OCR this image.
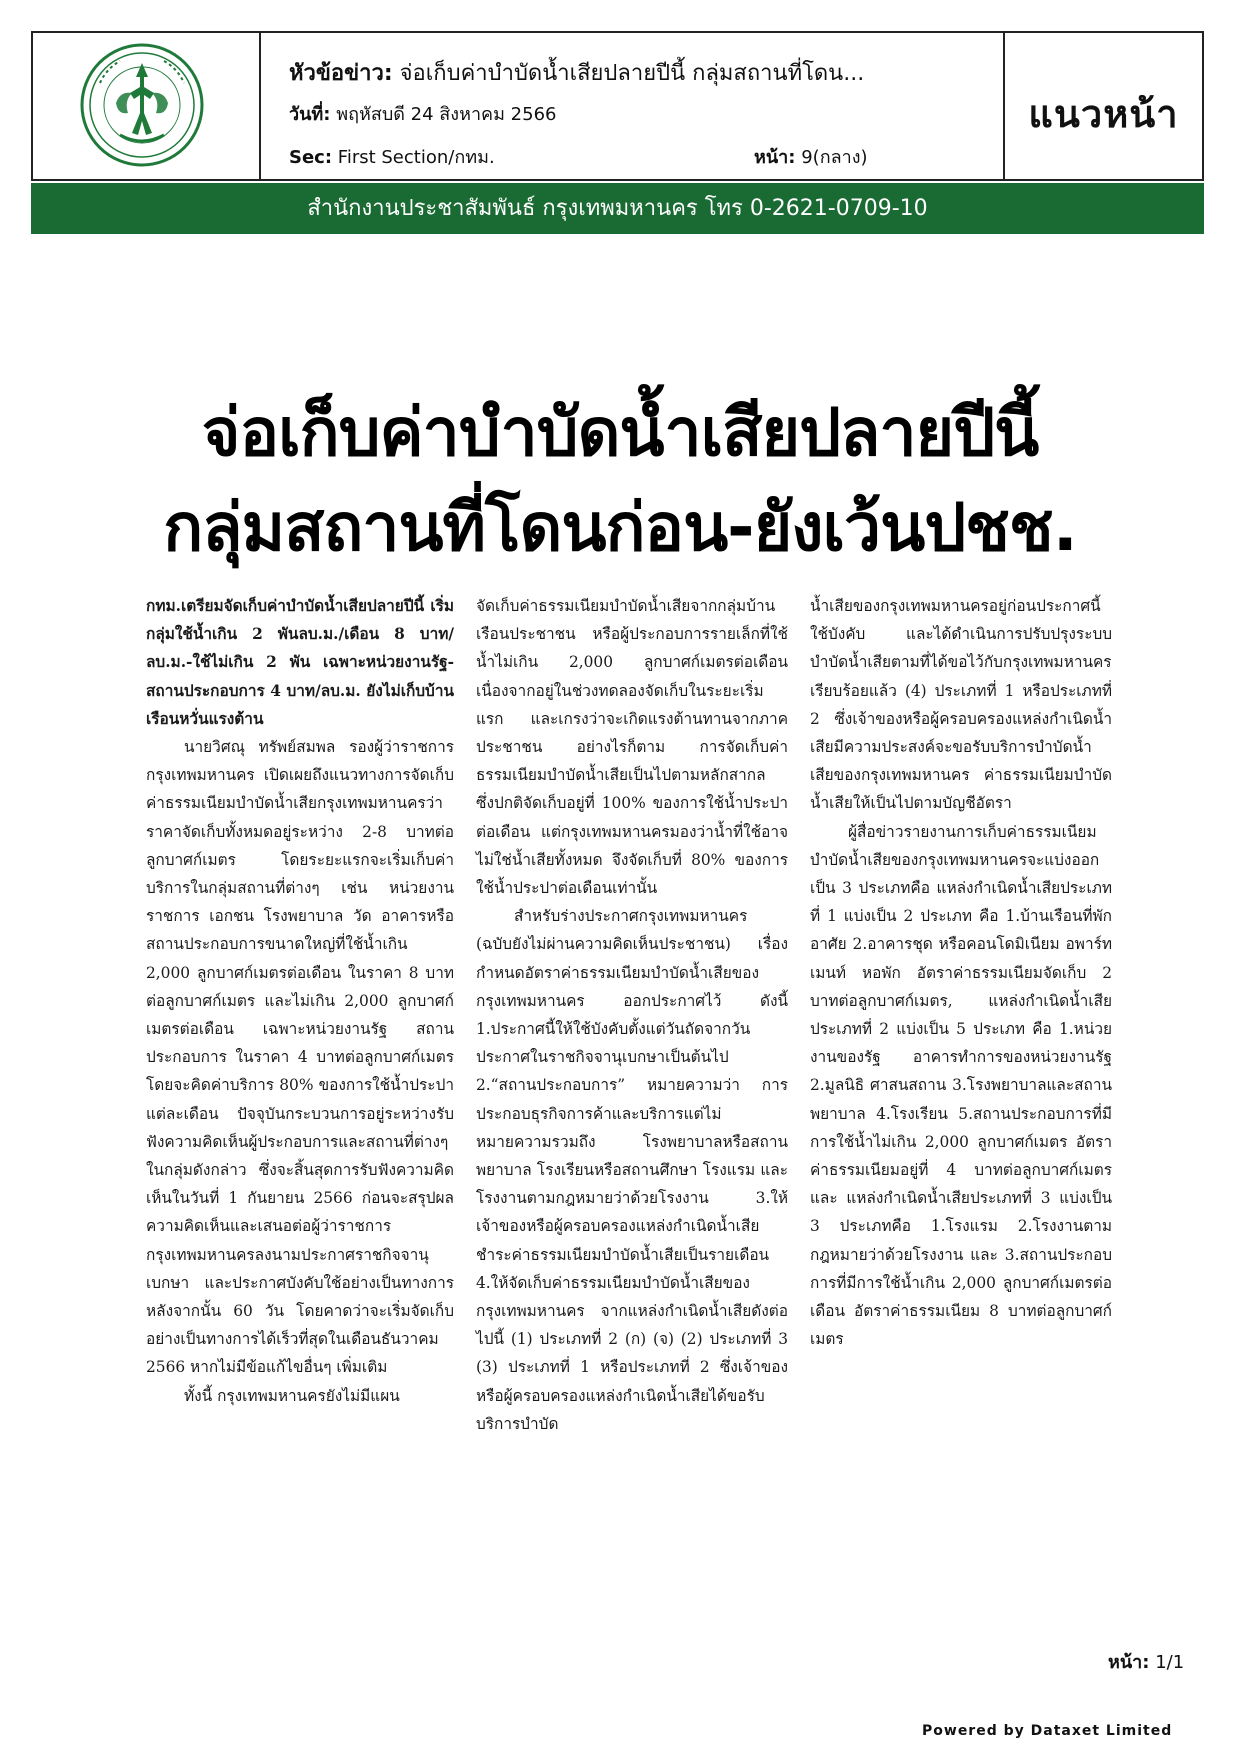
หัวข้อข่าว: จ่อเก็บค่าบำบัดน้ำเสียปลายปีนี้ กลุ่มสถานที่โดน...
วันที่: พฤหัสบดี 24 สิงหาคม 2566
Sec: First Section/กทม.	หน้า: 9(กลาง)
แนวหน้า
สำนักงานประชาสัมพันธ์ กรุงเทพมหานคร โทร 0-2621-0709-10
จ่อเก็บค่าบำบัดน้ำเสียปลายปีนี้
กลุ่มสถานที่โดนก่อน-ยังเว้นปชช.

กทม.เตรียมจัดเก็บค่าบำบัดน้ำเสียปลายปีนี้ เริ่มกลุ่มใช้น้ำเกิน 2 พันลบ.ม./เดือน 8 บาท/ลบ.ม.-ใช้ไม่เกิน 2 พัน เฉพาะหน่วยงานรัฐ-สถานประกอบการ 4 บาท/ลบ.ม. ยังไม่เก็บบ้านเรือนหวั่นแรงต้าน

นายวิศณุ ทรัพย์สมพล รองผู้ว่าราชการกรุงเทพมหานคร เปิดเผยถึงแนวทางการจัดเก็บค่าธรรมเนียมบำบัดน้ำเสียกรุงเทพมหานครว่า ราคาจัดเก็บทั้งหมดอยู่ระหว่าง 2-8 บาทต่อลูกบาศก์เมตร โดยระยะแรกจะเริ่มเก็บค่าบริการในกลุ่มสถานที่ต่างๆ เช่น หน่วยงานราชการ เอกชน โรงพยาบาล วัด อาคารหรือสถานประกอบการขนาดใหญ่ที่ใช้น้ำเกิน 2,000 ลูกบาศก์เมตรต่อเดือน ในราคา 8 บาทต่อลูกบาศก์เมตร และไม่เกิน 2,000 ลูกบาศก์เมตรต่อเดือน เฉพาะหน่วยงานรัฐ สถานประกอบการ ในราคา 4 บาทต่อลูกบาศก์เมตร โดยจะคิดค่าบริการ 80% ของการใช้น้ำประปาแต่ละเดือน ปัจจุบันกระบวนการอยู่ระหว่างรับฟังความคิดเห็นผู้ประกอบการและสถานที่ต่างๆ ในกลุ่มดังกล่าว ซึ่งจะสิ้นสุดการรับฟังความคิดเห็นในวันที่ 1 กันยายน 2566 ก่อนจะสรุปผลความคิดเห็นและเสนอต่อผู้ว่าราชการกรุงเทพมหานครลงนามประกาศราชกิจจานุเบกษา และประกาศบังคับใช้อย่างเป็นทางการหลังจากนั้น 60 วัน โดยคาดว่าจะเริ่มจัดเก็บอย่างเป็นทางการได้เร็วที่สุดในเดือนธันวาคม 2566 หากไม่มีข้อแก้ไขอื่นๆ เพิ่มเติม

ทั้งนี้ กรุงเทพมหานครยังไม่มีแผน

จัดเก็บค่าธรรมเนียมบำบัดน้ำเสียจากกลุ่มบ้านเรือนประชาชน หรือผู้ประกอบการรายเล็กที่ใช้น้ำไม่เกิน 2,000 ลูกบาศก์เมตรต่อเดือน เนื่องจากอยู่ในช่วงทดลองจัดเก็บในระยะเริ่มแรก และเกรงว่าจะเกิดแรงต้านทานจากภาคประชาชน อย่างไรก็ตาม การจัดเก็บค่าธรรมเนียมบำบัดน้ำเสียเป็นไปตามหลักสากล ซึ่งปกติจัดเก็บอยู่ที่ 100% ของการใช้น้ำประปาต่อเดือน แต่กรุงเทพมหานครมองว่าน้ำที่ใช้อาจไม่ใช่น้ำเสียทั้งหมด จึงจัดเก็บที่ 80% ของการใช้น้ำประปาต่อเดือนเท่านั้น

สำหรับร่างประกาศกรุงเทพมหานคร (ฉบับยังไม่ผ่านความคิดเห็นประชาชน) เรื่อง กำหนดอัตราค่าธรรมเนียมบำบัดน้ำเสียของกรุงเทพมหานคร ออกประกาศไว้ ดังนี้ 1.ประกาศนี้ให้ใช้บังคับตั้งแต่วันถัดจากวันประกาศในราชกิจจานุเบกษาเป็นต้นไป 2.“สถานประกอบการ” หมายความว่า การประกอบธุรกิจการค้าและบริการแต่ไม่หมายความรวมถึง โรงพยาบาลหรือสถานพยาบาล โรงเรียนหรือสถานศึกษา โรงแรม และโรงงานตามกฎหมายว่าด้วยโรงงาน 3.ให้เจ้าของหรือผู้ครอบครองแหล่งกำเนิดน้ำเสียชำระค่าธรรมเนียมบำบัดน้ำเสียเป็นรายเดือน 4.ให้จัดเก็บค่าธรรมเนียมบำบัดน้ำเสียของกรุงเทพมหานคร จากแหล่งกำเนิดน้ำเสียดังต่อไปนี้ (1) ประเภทที่ 2 (ก) (จ) (2) ประเภทที่ 3 (3) ประเภทที่ 1 หรือประเภทที่ 2 ซึ่งเจ้าของหรือผู้ครอบครองแหล่งกำเนิดน้ำเสียได้ขอรับบริการบำบัด

น้ำเสียของกรุงเทพมหานครอยู่ก่อนประกาศนี้ใช้บังคับ และได้ดำเนินการปรับปรุงระบบบำบัดน้ำเสียตามที่ได้ขอไว้กับกรุงเทพมหานครเรียบร้อยแล้ว (4) ประเภทที่ 1 หรือประเภทที่ 2 ซึ่งเจ้าของหรือผู้ครอบครองแหล่งกำเนิดน้ำเสียมีความประสงค์จะขอรับบริการบำบัดน้ำเสียของกรุงเทพมหานคร ค่าธรรมเนียมบำบัดน้ำเสียให้เป็นไปตามบัญชีอัตรา

ผู้สื่อข่าวรายงานการเก็บค่าธรรมเนียมบำบัดน้ำเสียของกรุงเทพมหานครจะแบ่งออกเป็น 3 ประเภทคือ แหล่งกำเนิดน้ำเสียประเภทที่ 1 แบ่งเป็น 2 ประเภท คือ 1.บ้านเรือนที่พักอาศัย 2.อาคารชุด หรือคอนโดมิเนียม อพาร์ทเมนท์ หอพัก อัตราค่าธรรมเนียมจัดเก็บ 2 บาทต่อลูกบาศก์เมตร, แหล่งกำเนิดน้ำเสียประเภทที่ 2 แบ่งเป็น 5 ประเภท คือ 1.หน่วยงานของรัฐ อาคารทำการของหน่วยงานรัฐ 2.มูลนิธิ ศาสนสถาน 3.โรงพยาบาลและสถานพยาบาล 4.โรงเรียน 5.สถานประกอบการที่มีการใช้น้ำไม่เกิน 2,000 ลูกบาศก์เมตร อัตราค่าธรรมเนียมอยู่ที่ 4 บาทต่อลูกบาศก์เมตร และ แหล่งกำเนิดน้ำเสียประเภทที่ 3 แบ่งเป็น 3 ประเภทคือ 1.โรงแรม 2.โรงงานตามกฎหมายว่าด้วยโรงงาน และ 3.สถานประกอบการที่มีการใช้น้ำเกิน 2,000 ลูกบาศก์เมตรต่อเดือน อัตราค่าธรรมเนียม 8 บาทต่อลูกบาศก์เมตร

หน้า: 1/1
Powered by Dataxet Limited
